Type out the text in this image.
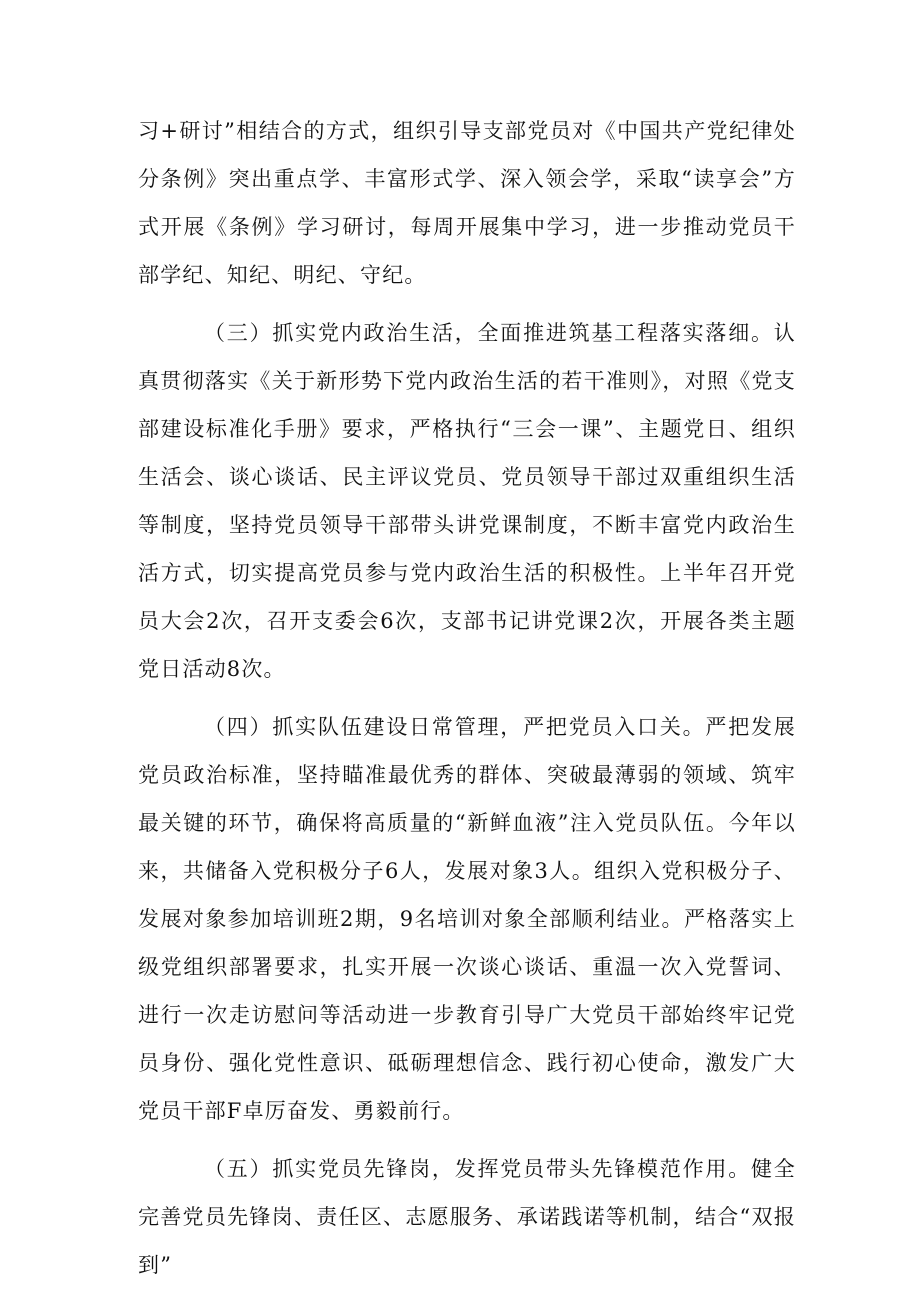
习+研讨”相结合的方式，组织引导支部党员对《中国共产党纪律处分条例》突出重点学、丰富形式学、深入领会学，采取“读享会”方式开展《条例》学习研讨，每周开展集中学习，进一步推动党员干部学纪、知纪、明纪、守纪。

（三）抓实党内政治生活，全面推进筑基工程落实落细。认真贯彻落实《关于新形势下党内政治生活的若干准则》，对照《党支部建设标准化手册》要求，严格执行“三会一课”、主题党日、组织生活会、谈心谈话、民主评议党员、党员领导干部过双重组织生活等制度，坚持党员领导干部带头讲党课制度，不断丰富党内政治生活方式，切实提高党员参与党内政治生活的积极性。上半年召开党员大会2次，召开支委会6次，支部书记讲党课2次，开展各类主题党日活动8次。

（四）抓实队伍建设日常管理，严把党员入口关。严把发展党员政治标准，坚持瞄准最优秀的群体、突破最薄弱的领域、筑牢最关键的环节，确保将高质量的“新鲜血液”注入党员队伍。今年以来，共储备入党积极分子6人，发展对象3人。组织入党积极分子、发展对象参加培训班2期，9名培训对象全部顺利结业。严格落实上级党组织部署要求，扎实开展一次谈心谈话、重温一次入党誓词、进行一次走访慰问等活动进一步教育引导广大党员干部始终牢记党员身份、强化党性意识、砥砺理想信念、践行初心使命，激发广大党员干部F卓厉奋发、勇毅前行。

（五）抓实党员先锋岗，发挥党员带头先锋模范作用。健全完善党员先锋岗、责任区、志愿服务、承诺践诺等机制，结合“双报到”
